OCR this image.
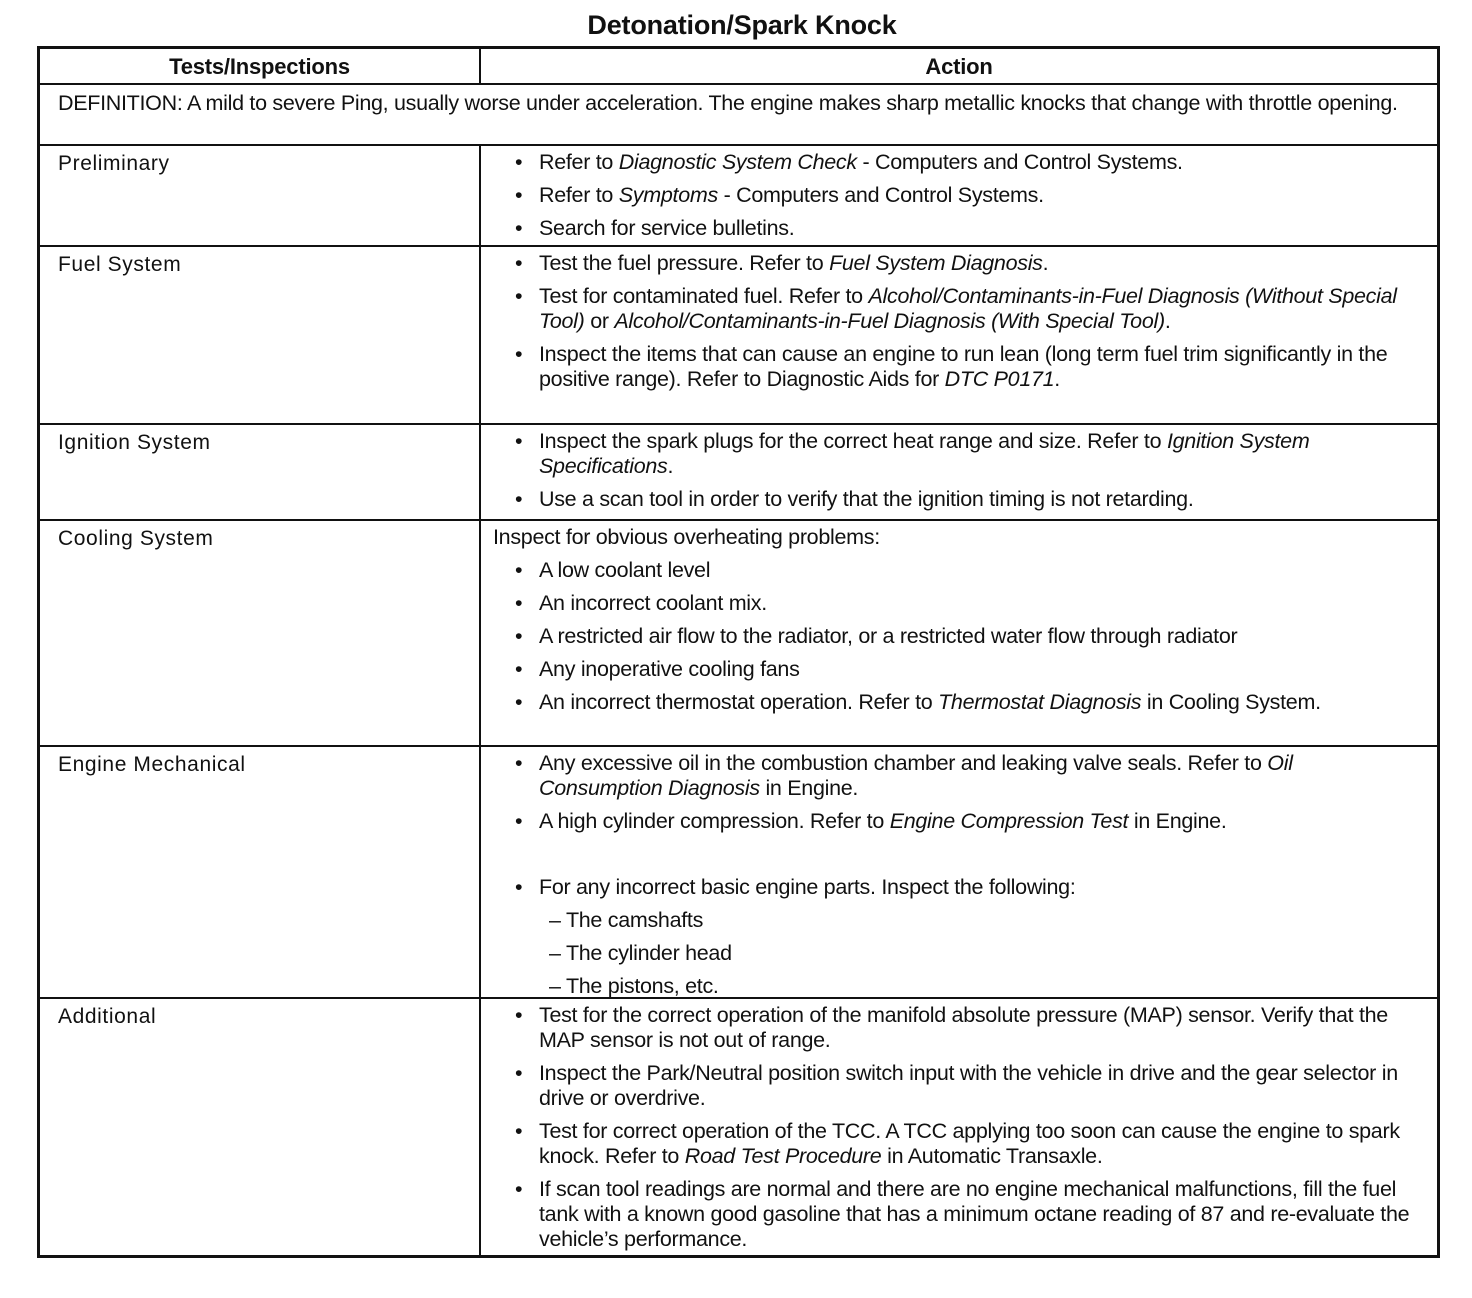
Detonation/Spark Knock
Tests/Inspections	Action
DEFINITION: A mild to severe Ping, usually worse under acceleration. The engine makes sharp metallic knocks that change with throttle opening.
Preliminary	• Refer to Diagnostic System Check - Computers and Control Systems.
• Refer to Symptoms - Computers and Control Systems.
• Search for service bulletins.
Fuel System	• Test the fuel pressure. Refer to Fuel System Diagnosis.
• Test for contaminated fuel. Refer to Alcohol/Contaminants-in-Fuel Diagnosis (Without Special Tool) or Alcohol/Contaminants-in-Fuel Diagnosis (With Special Tool).
• Inspect the items that can cause an engine to run lean (long term fuel trim significantly in the positive range). Refer to Diagnostic Aids for DTC P0171.
Ignition System	• Inspect the spark plugs for the correct heat range and size. Refer to Ignition System Specifications.
• Use a scan tool in order to verify that the ignition timing is not retarding.
Cooling System	Inspect for obvious overheating problems:
• A low coolant level
• An incorrect coolant mix.
• A restricted air flow to the radiator, or a restricted water flow through radiator
• Any inoperative cooling fans
• An incorrect thermostat operation. Refer to Thermostat Diagnosis in Cooling System.
Engine Mechanical	• Any excessive oil in the combustion chamber and leaking valve seals. Refer to Oil Consumption Diagnosis in Engine.
• A high cylinder compression. Refer to Engine Compression Test in Engine.
• For any incorrect basic engine parts. Inspect the following:
– The camshafts
– The cylinder head
– The pistons, etc.
Additional	• Test for the correct operation of the manifold absolute pressure (MAP) sensor. Verify that the MAP sensor is not out of range.
• Inspect the Park/Neutral position switch input with the vehicle in drive and the gear selector in drive or overdrive.
• Test for correct operation of the TCC. A TCC applying too soon can cause the engine to spark knock. Refer to Road Test Procedure in Automatic Transaxle.
• If scan tool readings are normal and there are no engine mechanical malfunctions, fill the fuel tank with a known good gasoline that has a minimum octane reading of 87 and re-evaluate the vehicle’s performance.
